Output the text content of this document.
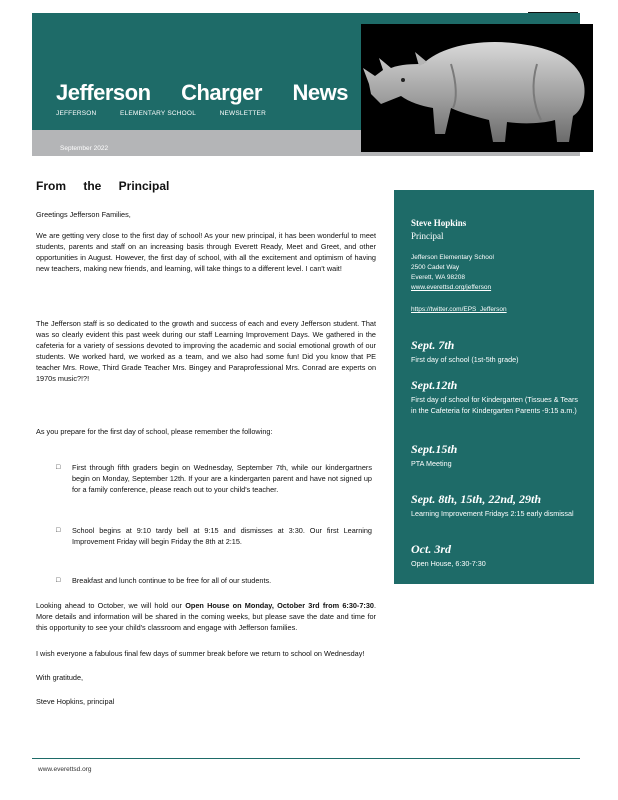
Jefferson Charger News
JEFFERSON	ELEMENTARY SCHOOL	NEWSLETTER
September 2022
From the Principal
Greetings Jefferson Families,
We are getting very close to the first day of school! As your new principal, it has been wonderful to meet students, parents and staff on an increasing basis through Everett Ready, Meet and Greet, and other opportunities in August. However, the first day of school, with all the excitement and optimism of having new teachers, making new friends, and learning, will take things to a different level. I can't wait!
The Jefferson staff is so dedicated to the growth and success of each and every Jefferson student. That was so clearly evident this past week during our staff Learning Improvement Days. We gathered in the cafeteria for a variety of sessions devoted to improving the academic and social emotional growth of our students. We worked hard, we worked as a team, and we also had some fun! Did you know that PE teacher Mrs. Rowe, Third Grade Teacher Mrs. Bingey and Paraprofessional Mrs. Conrad are experts on 1970s music?!?!
As you prepare for the first day of school, please remember the following:
□ First through fifth graders begin on Wednesday, September 7th, while our kindergartners begin on Monday, September 12th. If your are a kindergarten parent and have not signed up for a family conference, please reach out to your child's teacher.
□ School begins at 9:10 tardy bell at 9:15 and dismisses at 3:30. Our first Learning Improvement Friday will begin Friday the 8th at 2:15.
□ Breakfast and lunch continue to be free for all of our students.
Looking ahead to October, we will hold our Open House on Monday, October 3rd from 6:30-7:30. More details and information will be shared in the coming weeks, but please save the date and time for this opportunity to see your child's classroom and engage with Jefferson families.
I wish everyone a fabulous final few days of summer break before we return to school on Wednesday!
With gratitude,
Steve Hopkins, principal
Steve Hopkins
Principal
Jefferson Elementary School
2500 Cadet Way
Everett, WA 98208
www.everettsd.org/jefferson
https://twitter.com/EPS_Jefferson
Sept. 7th
First day of school (1st-5th grade)
Sept.12th
First day of school for Kindergarten (Tissues & Tears in the Cafeteria for Kindergarten Parents -9:15 a.m.)
Sept.15th
PTA Meeting
Sept. 8th, 15th, 22nd, 29th
Learning Improvement Fridays 2:15 early dismissal
Oct. 3rd
Open House, 6:30-7:30
www.everettsd.org
